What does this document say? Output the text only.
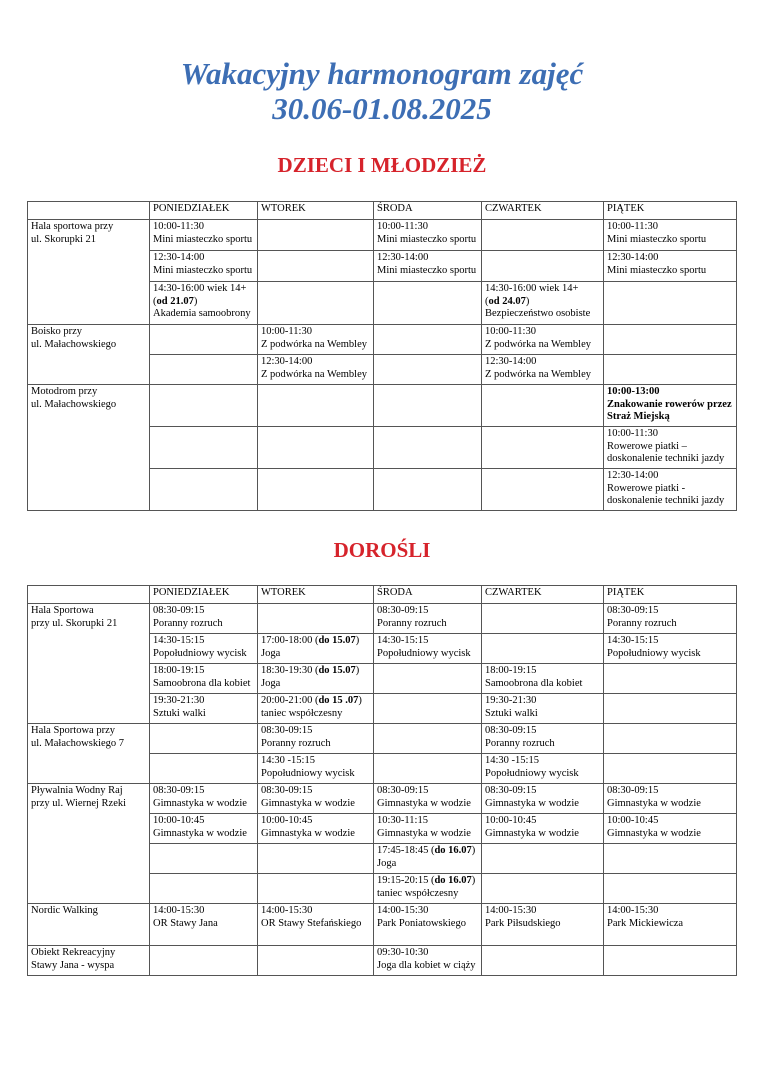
Wakacyjny harmonogram zajęć
30.06-01.08.2025
DZIECI I MŁODZIEŻ
	PONIEDZIAŁEK	WTOREK	ŚRODA	CZWARTEK	PIĄTEK

Hala sportowa przy
ul. Skorupki 21	10:00-11:30
Mini miasteczko sportu		10:00-11:30
Mini miasteczko sportu		10:00-11:30
Mini miasteczko sportu

	12:30-14:00
Mini miasteczko sportu		12:30-14:00
Mini miasteczko sportu		12:30-14:00
Mini miasteczko sportu

	14:30-16:00 wiek 14+
(od 21.07)
Akademia samoobrony			14:30-16:00 wiek 14+
(od 24.07)
Bezpieczeństwo osobiste	

Boisko przy
ul. Małachowskiego		10:00-11:30
Z podwórka na Wembley		10:00-11:30
Z podwórka na Wembley	

		12:30-14:00
Z podwórka na Wembley		12:30-14:00
Z podwórka na Wembley	

Motodrom przy
ul. Małachowskiego					10:00-13:00
Znakowanie rowerów przez
Straż Miejską

					10:00-11:30
Rowerowe piatki –
doskonalenie techniki jazdy

					12:30-14:00
Rowerowe piatki -
doskonalenie techniki jazdy
DOROŚLI
	PONIEDZIAŁEK	WTOREK	ŚRODA	CZWARTEK	PIĄTEK

Hala Sportowa
przy ul. Skorupki 21	08:30-09:15
Poranny rozruch		08:30-09:15
Poranny rozruch		08:30-09:15
Poranny rozruch

	14:30-15:15
Popołudniowy wycisk	17:00-18:00 (do 15.07)
Joga	14:30-15:15
Popołudniowy wycisk		14:30-15:15
Popołudniowy wycisk

	18:00-19:15
Samoobrona dla kobiet	18:30-19:30 (do 15.07)
Joga		18:00-19:15
Samoobrona dla kobiet	

	19:30-21:30
Sztuki walki	20:00-21:00 (do 15 .07)
taniec współczesny		19:30-21:30
Sztuki walki	

Hala Sportowa przy
ul. Małachowskiego 7		08:30-09:15
Poranny rozruch		08:30-09:15
Poranny rozruch	

		14:30 -15:15
Popołudniowy wycisk		14:30 -15:15
Popołudniowy wycisk	

Pływalnia Wodny Raj
przy ul. Wiernej Rzeki	08:30-09:15
Gimnastyka w wodzie	08:30-09:15
Gimnastyka w wodzie	08:30-09:15
Gimnastyka w wodzie	08:30-09:15
Gimnastyka w wodzie	08:30-09:15
Gimnastyka w wodzie

	10:00-10:45
Gimnastyka w wodzie	10:00-10:45
Gimnastyka w wodzie	10:30-11:15
Gimnastyka w wodzie	10:00-10:45
Gimnastyka w wodzie	10:00-10:45
Gimnastyka w wodzie

			17:45-18:45 (do 16.07)
Joga		

			19:15-20:15 (do 16.07)
taniec współczesny		

Nordic Walking	14:00-15:30
OR Stawy Jana	14:00-15:30
OR Stawy Stefańskiego	14:00-15:30
Park Poniatowskiego	14:00-15:30
Park Piłsudskiego	14:00-15:30
Park Mickiewicza

Obiekt Rekreacyjny
Stawy Jana - wyspa			09:30-10:30
Joga dla kobiet w ciąży		
